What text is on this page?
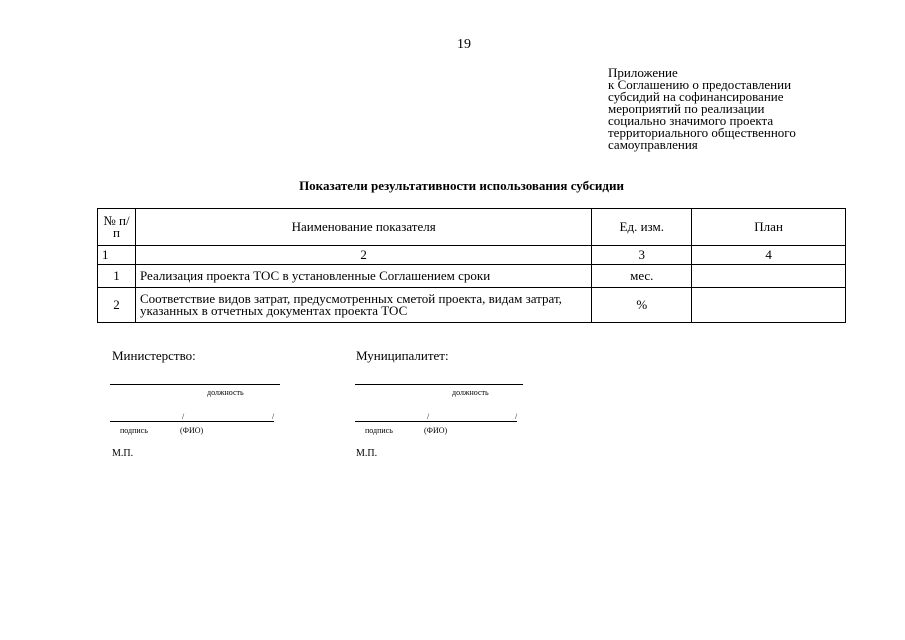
19
Приложение
к Соглашению о предоставлении
субсидий на софинансирование
мероприятий по реализации
социально значимого проекта
территориального общественного
самоуправления
Показатели результативности использования субсидии
№ п/п	Наименование показателя	Ед. изм.	План
1	2	3	4
1	Реализация проекта ТОС в установленные Соглашением сроки	мес.	
2	Соответствие видов затрат, предусмотренных сметой проекта, видам затрат, указанных в отчетных документах проекта ТОС	%	
Министерство:
должность
/	/
подпись	(ФИО)
М.П.
Муниципалитет:
должность
/	/
подпись	(ФИО)
М.П.
